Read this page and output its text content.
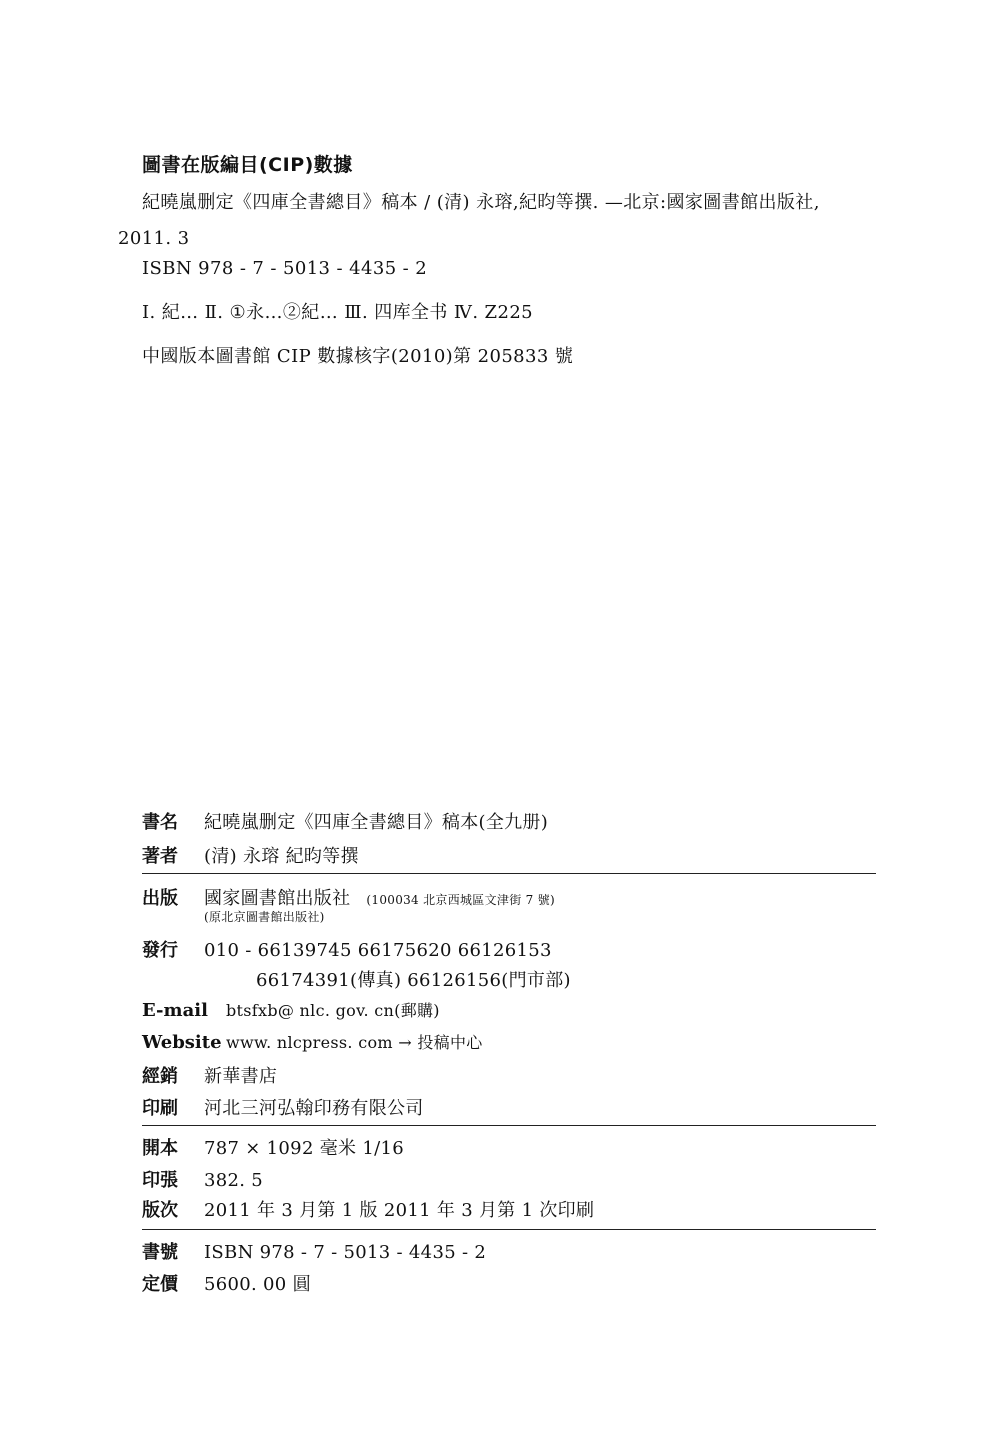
圖書在版編目(CIP)數據
紀曉嵐删定《四庫全書總目》稿本 / (清) 永瑢,紀昀等撰. —北京:國家圖書館出版社,
2011. 3
ISBN 978 - 7 - 5013 - 4435 - 2
Ⅰ. 紀… Ⅱ. ①永…②紀… Ⅲ. 四库全书 Ⅳ. Z225
中國版本圖書館 CIP 數據核字(2010)第 205833 號
書名	紀曉嵐删定《四庫全書總目》稿本(全九册)
著者	(清) 永瑢 紀昀等撰
出版	國家圖書館出版社 (100034 北京西城區文津街 7 號)
(原北京圖書館出版社)
發行	010 - 66139745 66175620 66126153
66174391(傳真) 66126156(門市部)
E-mail	btsfxb@ nlc. gov. cn(郵購)
Website www. nlcpress. com → 投稿中心
經銷	新華書店
印刷	河北三河弘翰印務有限公司
開本	787 × 1092 毫米 1/16
印張	382. 5
版次	2011 年 3 月第 1 版 2011 年 3 月第 1 次印刷
書號	ISBN 978 - 7 - 5013 - 4435 - 2
定價	5600. 00 圓
